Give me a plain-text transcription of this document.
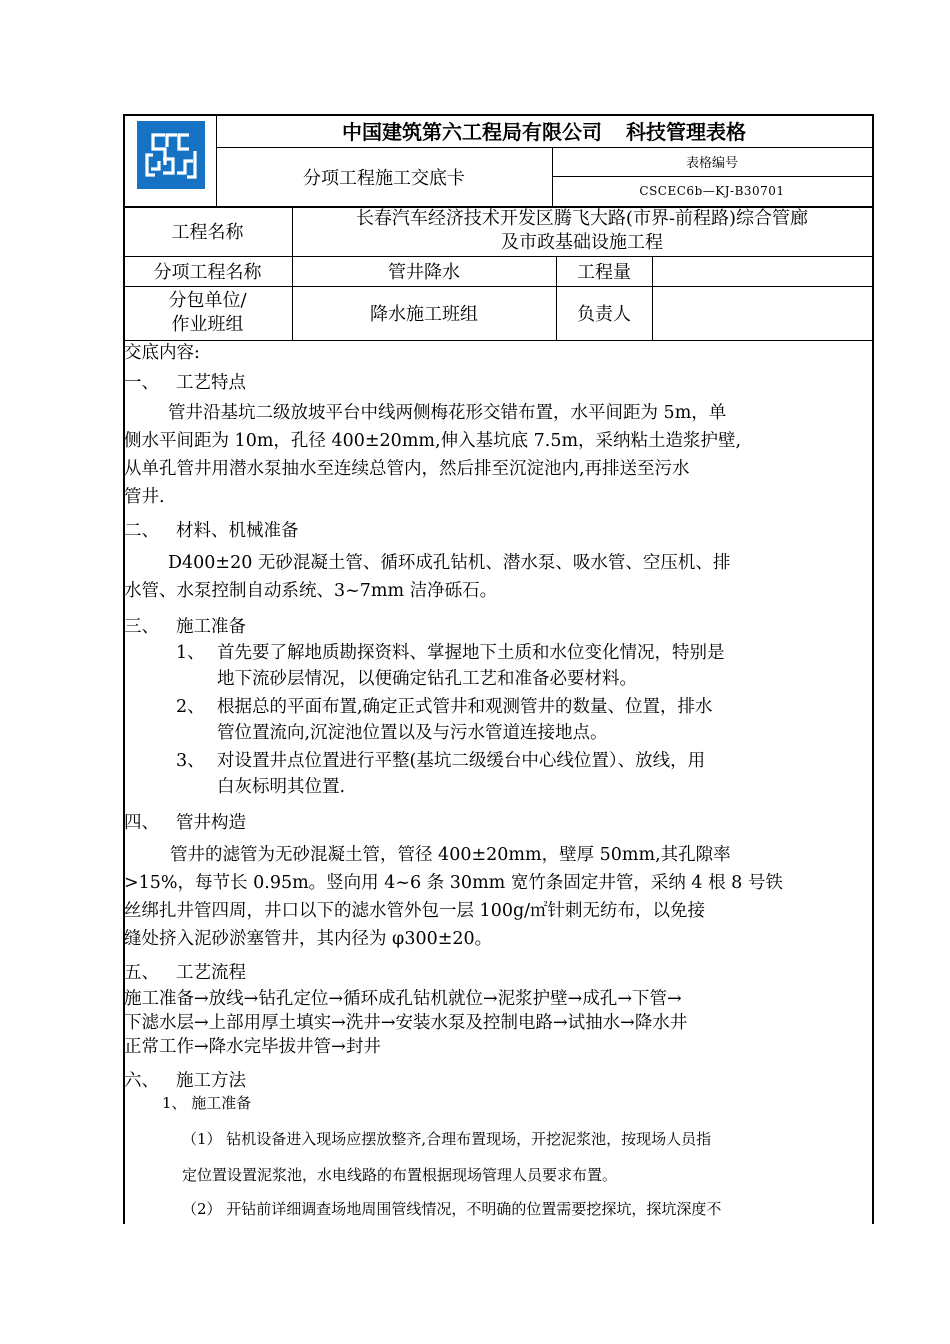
中国建筑第六工程局有限公司 科技管理表格
分项工程施工交底卡
表格编号
CSCEC6b—KJ-B30701
工程名称
长春汽车经济技术开发区腾飞大路(市界-前程路)综合管廊
及市政基础设施工程
分项工程名称	管井降水	工程量
分包单位/
作业班组	降水施工班组	负责人
交底内容:
一、 工艺特点
管井沿基坑二级放坡平台中线两侧梅花形交错布置，水平间距为 5m，单
侧水平间距为 10m，孔径 400±20mm,伸入基坑底 7.5m，采纳粘土造浆护壁,
从单孔管井用潜水泵抽水至连续总管内，然后排至沉淀池内,再排送至污水
管井.
二、 材料、机械准备
D400±20 无砂混凝土管、循环成孔钻机、潜水泵、吸水管、空压机、排
水管、水泵控制自动系统、3~7mm 洁净砾石。
三、 施工准备
1、 首先要了解地质勘探资料、掌握地下土质和水位变化情况，特别是
地下流砂层情况，以便确定钻孔工艺和准备必要材料。
2、 根据总的平面布置,确定正式管井和观测管井的数量、位置，排水
管位置流向,沉淀池位置以及与污水管道连接地点。
3、 对设置井点位置进行平整(基坑二级缓台中心线位置）、放线，用
白灰标明其位置.
四、 管井构造
管井的滤管为无砂混凝土管，管径 400±20mm，壁厚 50mm,其孔隙率
>15%，每节长 0.95m。竖向用 4~6 条 30mm 宽竹条固定井管，采纳 4 根 8 号铁
丝绑扎井管四周，井口以下的滤水管外包一层 100g/㎡针刺无纺布，以免接
缝处挤入泥砂淤塞管井，其内径为 φ300±20。
五、 工艺流程
施工准备→放线→钻孔定位→循环成孔钻机就位→泥浆护壁→成孔→下管→
下滤水层→上部用厚土填实→洗井→安装水泵及控制电路→试抽水→降水井
正常工作→降水完毕拔井管→封井
六、 施工方法
1、 施工准备
（1） 钻机设备进入现场应摆放整齐,合理布置现场，开挖泥浆池，按现场人员指
定位置设置泥浆池，水电线路的布置根据现场管理人员要求布置。
（2） 开钻前详细调查场地周围管线情况，不明确的位置需要挖探坑，探坑深度不
